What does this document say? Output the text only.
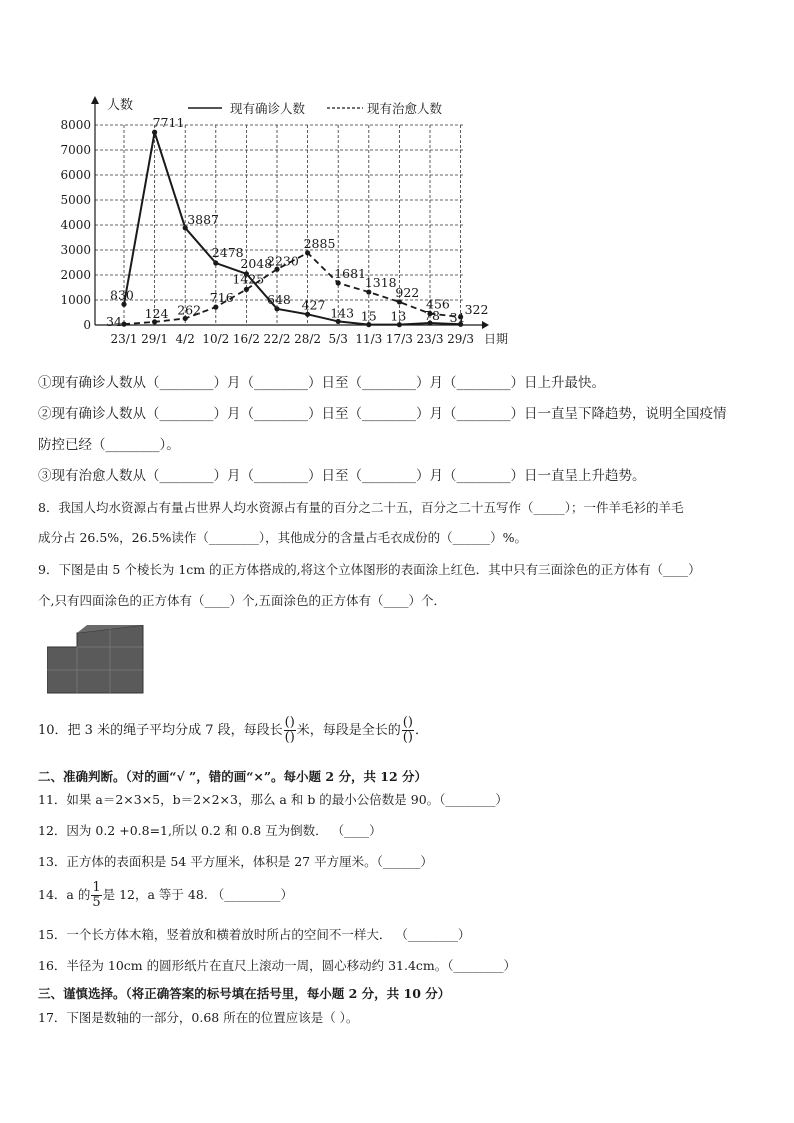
0
1000
2000
3000
4000
5000
6000
7000
8000
23/1 29/1 4/2 10/2 16/2 22/2 28/2 5/3 11/3 17/3 23/3 29/3
人数
日期
现有确诊人数	现有治愈人数
830
7711
3887
2478
2048
648 427
143 15 13 78 31
34
124 262
716
1425
2230
2885
1681
1318
922
456 322
①现有确诊人数从（________）月（________）日至（________）月（________）日上升最快。
②现有确诊人数从（________）月（________）日至（________）月（________）日一直呈下降趋势，说明全国疫情
防控已经（________）。
③现有治愈人数从（________）月（________）日至（________）月（________）日一直呈上升趋势。
8．我国人均水资源占有量占世界人均水资源占有量的百分之二十五，百分之二十五写作（_____）；一件羊毛衫的羊毛
成分占 26.5%，26.5%读作（________），其他成分的含量占毛衣成份的（______）%。
9．下图是由 5 个棱长为 1cm 的正方体搭成的,将这个立体图形的表面涂上红色．其中只有三面涂色的正方体有（____）
个,只有四面涂色的正方体有（____）个,五面涂色的正方体有（____）个．
10．把 3 米的绳子平均分成 7 段，每段长 $\frac{()}{()}$ 米，每段是全长的 $\frac{()}{()}$ ．
二、准确判断。（对的画“√ ”，错的画“×”。每小题 2 分，共 12 分）
11．如果 a＝2×3×5，b＝2×2×3，那么 a 和 b 的最小公倍数是 90。（________）
12．因为 0.2 +0.8=1,所以 0.2 和 0.8 互为倒数． （____）
13．正方体的表面积是 54 平方厘米，体积是 27 平方厘米。（______）
14．a 的 $\frac{1}{5}$ 是 12，a 等于 48. （_________）
15．一个长方体木箱，竖着放和横着放时所占的空间不一样大． （________）
16．半径为 10cm 的圆形纸片在直尺上滚动一周，圆心移动约 31.4cm。（________）
三、谨慎选择。（将正确答案的标号填在括号里，每小题 2 分，共 10 分）
17．下图是数轴的一部分，0.68 所在的位置应该是（ ）。
